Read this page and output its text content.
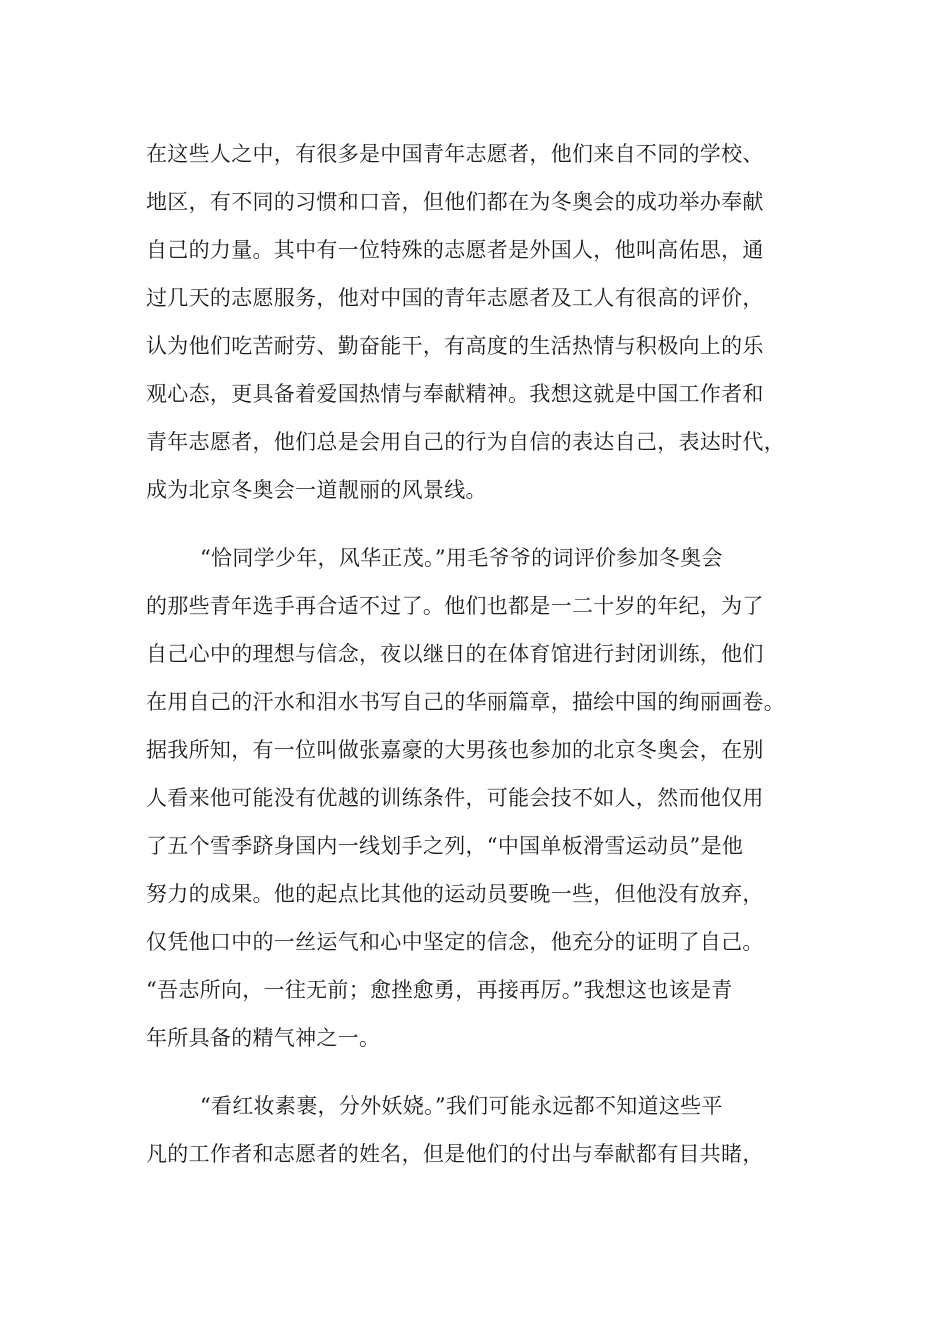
在这些人之中，有很多是中国青年志愿者，他们来自不同的学校、
地区，有不同的习惯和口音，但他们都在为冬奥会的成功举办奉献
自己的力量。其中有一位特殊的志愿者是外国人，他叫高佑思，通
过几天的志愿服务，他对中国的青年志愿者及工人有很高的评价，
认为他们吃苦耐劳、勤奋能干，有高度的生活热情与积极向上的乐
观心态，更具备着爱国热情与奉献精神。我想这就是中国工作者和
青年志愿者，他们总是会用自己的行为自信的表达自己，表达时代，
成为北京冬奥会一道靓丽的风景线。
“恰同学少年，风华正茂。”用毛爷爷的词评价参加冬奥会
的那些青年选手再合适不过了。他们也都是一二十岁的年纪，为了
自己心中的理想与信念，夜以继日的在体育馆进行封闭训练，他们
在用自己的汗水和泪水书写自己的华丽篇章，描绘中国的绚丽画卷。
据我所知，有一位叫做张嘉豪的大男孩也参加的北京冬奥会，在别
人看来他可能没有优越的训练条件，可能会技不如人，然而他仅用
了五个雪季跻身国内一线划手之列，“中国单板滑雪运动员”是他
努力的成果。他的起点比其他的运动员要晚一些，但他没有放弃，
仅凭他口中的一丝运气和心中坚定的信念，他充分的证明了自己。
“吾志所向，一往无前；愈挫愈勇，再接再厉。”我想这也该是青
年所具备的精气神之一。
“看红妆素裹，分外妖娆。”我们可能永远都不知道这些平
凡的工作者和志愿者的姓名，但是他们的付出与奉献都有目共睹，
